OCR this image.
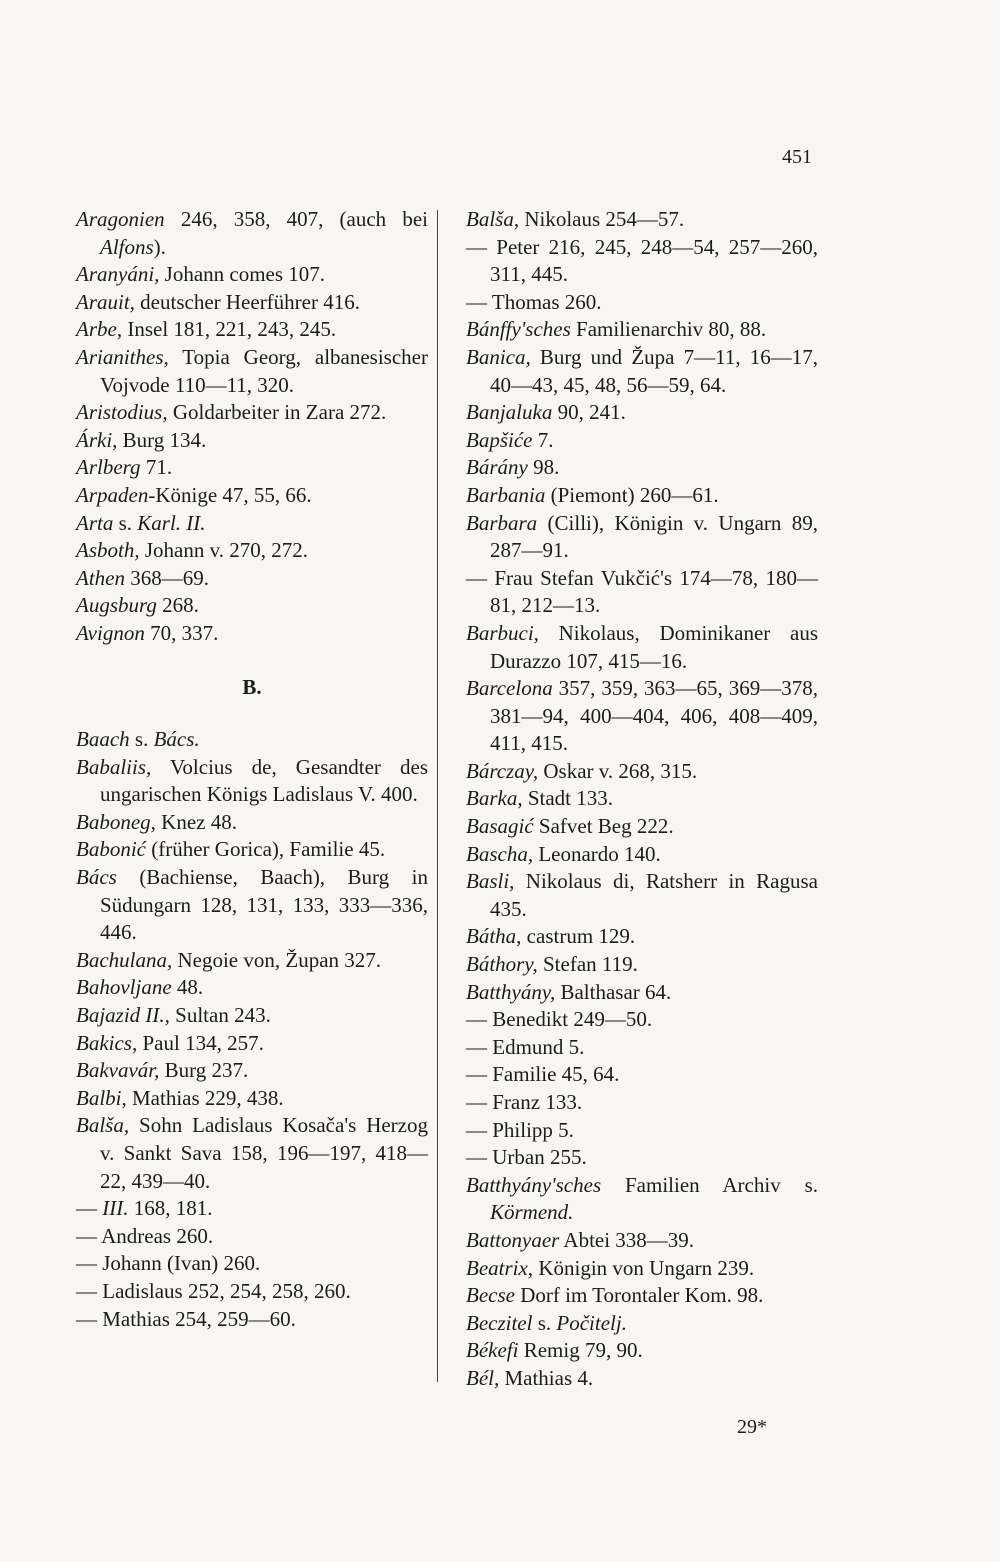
451

Aragonien 246, 358, 407, (auch bei Alfons).

Aranyáni, Johann comes 107.

Arauit, deutscher Heerführer 416.

Arbe, Insel 181, 221, 243, 245.

Arianithes, Topia Georg, albanesischer Vojvode 110—11, 320.

Aristodius, Goldarbeiter in Zara 272.

Árki, Burg 134.

Arlberg 71.

Arpaden-Könige 47, 55, 66.

Arta s. Karl. II.

Asboth, Johann v. 270, 272.

Athen 368—69.

Augsburg 268.

Avignon 70, 337.

B.

Baach s. Bács.

Babaliis, Volcius de, Gesandter des ungarischen Königs Ladislaus V. 400.

Baboneg, Knez 48.

Babonić (früher Gorica), Familie 45.

Bács (Bachiense, Baach), Burg in Südungarn 128, 131, 133, 333—336, 446.

Bachulana, Negoie von, Župan 327.

Bahovljane 48.

Bajazid II., Sultan 243.

Bakics, Paul 134, 257.

Bakvavár, Burg 237.

Balbi, Mathias 229, 438.

Balša, Sohn Ladislaus Kosača's Herzog v. Sankt Sava 158, 196—197, 418—22, 439—40.

— III. 168, 181.

— Andreas 260.

— Johann (Ivan) 260.

— Ladislaus 252, 254, 258, 260.

— Mathias 254, 259—60.

Balša, Nikolaus 254—57.

— Peter 216, 245, 248—54, 257—260, 311, 445.

— Thomas 260.

Bánffy'sches Familienarchiv 80, 88.

Banica, Burg und Župa 7—11, 16—17, 40—43, 45, 48, 56—59, 64.

Banjaluka 90, 241.

Bapšiće 7.

Bárány 98.

Barbania (Piemont) 260—61.

Barbara (Cilli), Königin v. Ungarn 89, 287—91.

— Frau Stefan Vukčić's 174—78, 180—81, 212—13.

Barbuci, Nikolaus, Dominikaner aus Durazzo 107, 415—16.

Barcelona 357, 359, 363—65, 369—378, 381—94, 400—404, 406, 408—409, 411, 415.

Bárczay, Oskar v. 268, 315.

Barka, Stadt 133.

Basagić Safvet Beg 222.

Bascha, Leonardo 140.

Basli, Nikolaus di, Ratsherr in Ragusa 435.

Bátha, castrum 129.

Báthory, Stefan 119.

Batthyány, Balthasar 64.

— Benedikt 249—50.

— Edmund 5.

— Familie 45, 64.

— Franz 133.

— Philipp 5.

— Urban 255.

Batthyány'sches Familien Archiv s. Körmend.

Battonyaer Abtei 338—39.

Beatrix, Königin von Ungarn 239.

Becse Dorf im Torontaler Kom. 98.

Beczitel s. Počitelj.

Békefi Remig 79, 90.

Bél, Mathias 4.

29*
